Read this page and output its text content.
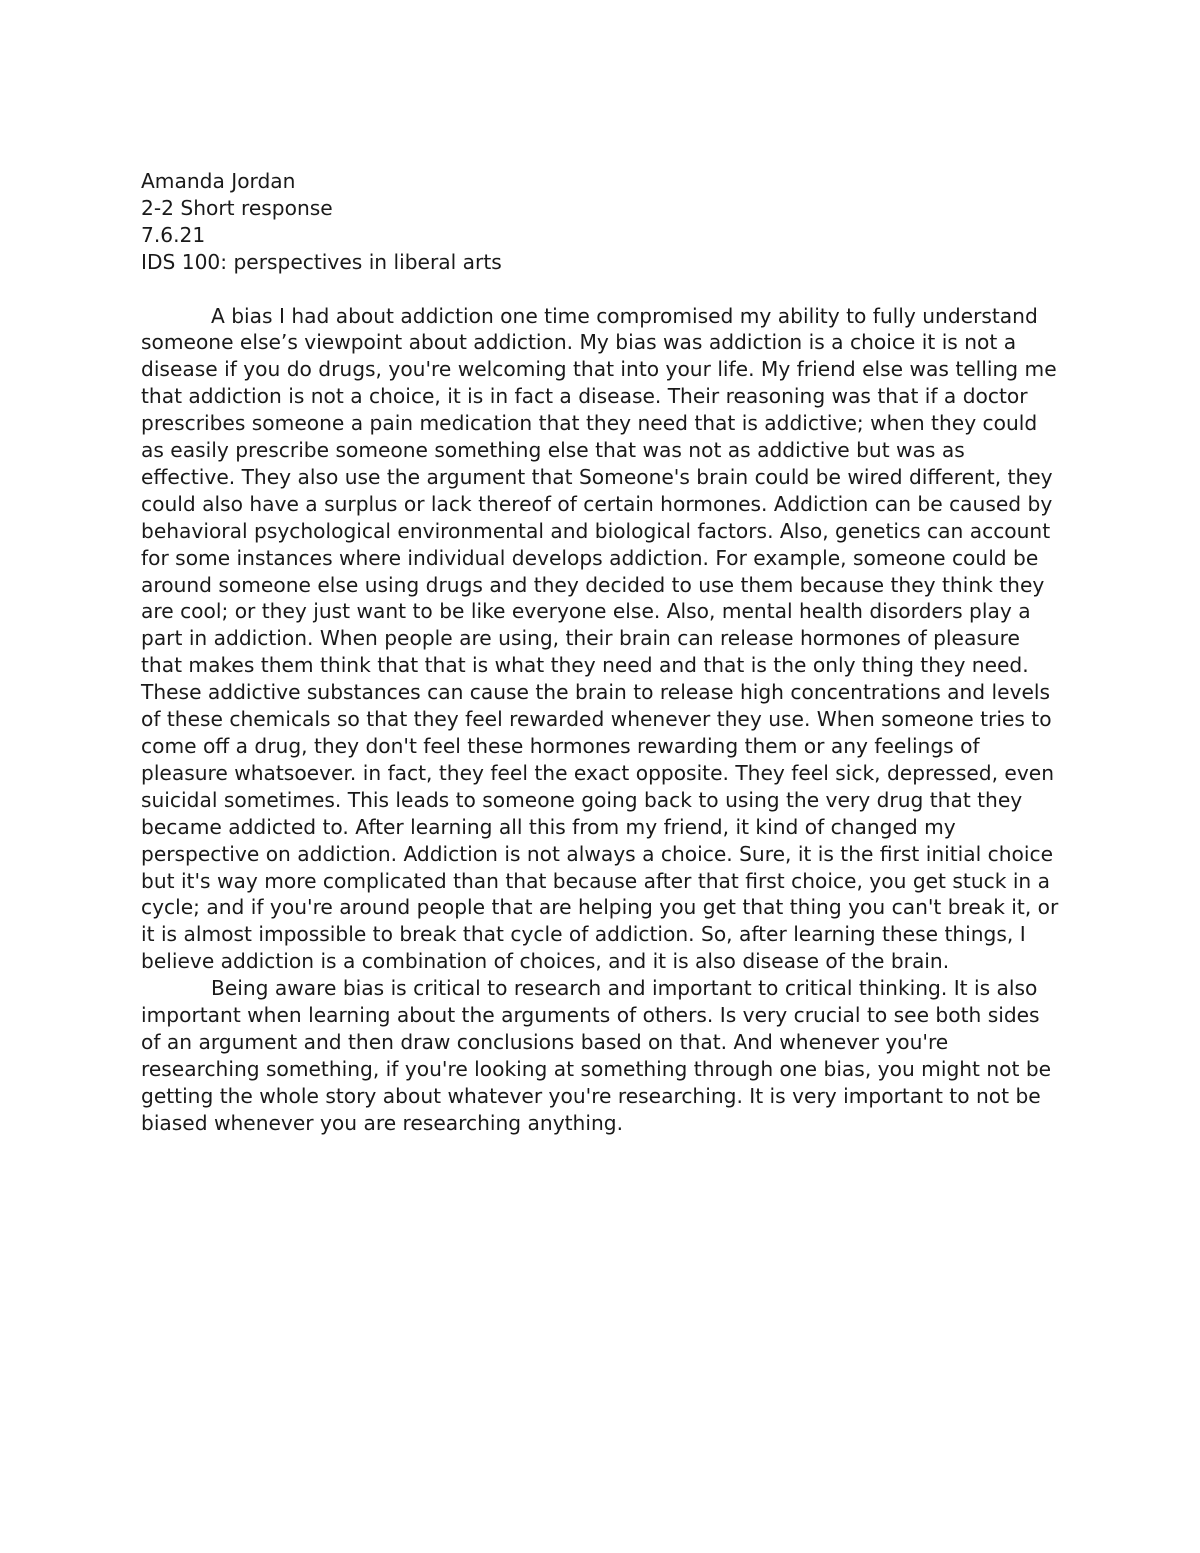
Amanda Jordan
2-2 Short response
7.6.21
IDS 100: perspectives in liberal arts

A bias I had about addiction one time compromised my ability to fully understand someone else’s viewpoint about addiction. My bias was addiction is a choice it is not a disease if you do drugs, you're welcoming that into your life. My friend else was telling me that addiction is not a choice, it is in fact a disease. Their reasoning was that if a doctor prescribes someone a pain medication that they need that is addictive; when they could as easily prescribe someone something else that was not as addictive but was as effective. They also use the argument that Someone's brain could be wired different, they could also have a surplus or lack thereof of certain hormones. Addiction can be caused by behavioral psychological environmental and biological factors. Also, genetics can account for some instances where individual develops addiction. For example, someone could be around someone else using drugs and they decided to use them because they think they are cool; or they just want to be like everyone else. Also, mental health disorders play a part in addiction. When people are using, their brain can release hormones of pleasure that makes them think that that is what they need and that is the only thing they need. These addictive substances can cause the brain to release high concentrations and levels of these chemicals so that they feel rewarded whenever they use. When someone tries to come off a drug, they don't feel these hormones rewarding them or any feelings of pleasure whatsoever. in fact, they feel the exact opposite. They feel sick, depressed, even suicidal sometimes. This leads to someone going back to using the very drug that they became addicted to. After learning all this from my friend, it kind of changed my perspective on addiction. Addiction is not always a choice. Sure, it is the first initial choice but it's way more complicated than that because after that first choice, you get stuck in a cycle; and if you're around people that are helping you get that thing you can't break it, or it is almost impossible to break that cycle of addiction. So, after learning these things, I believe addiction is a combination of choices, and it is also disease of the brain.

Being aware bias is critical to research and important to critical thinking. It is also important when learning about the arguments of others. Is very crucial to see both sides of an argument and then draw conclusions based on that. And whenever you're researching something, if you're looking at something through one bias, you might not be getting the whole story about whatever you're researching. It is very important to not be biased whenever you are researching anything.
